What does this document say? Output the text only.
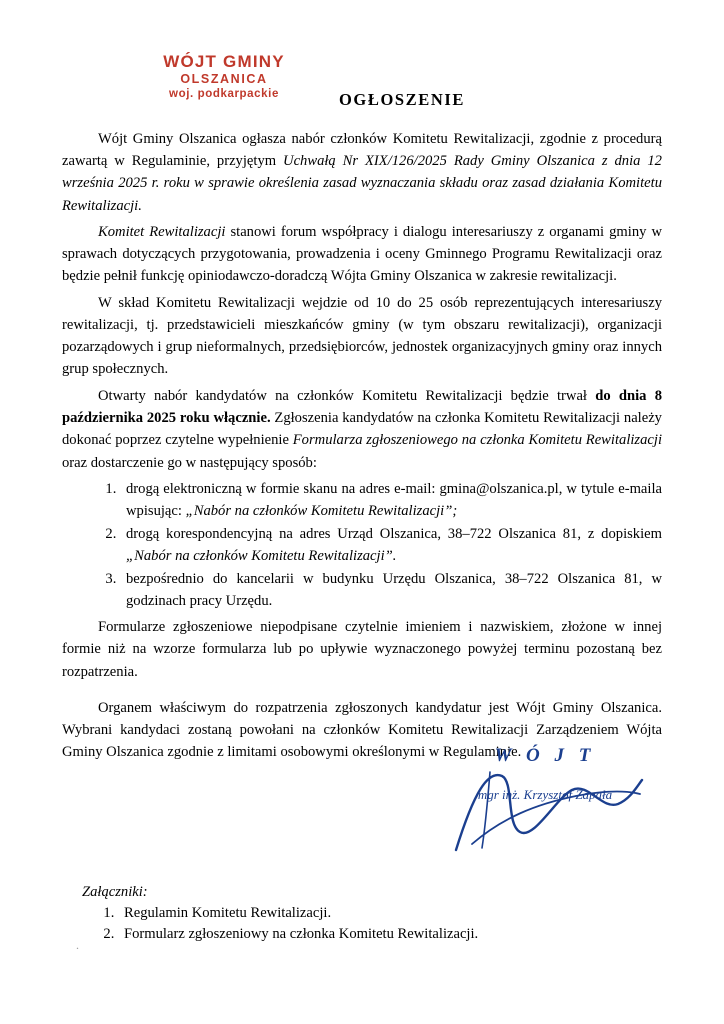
WÓJT GMINY
OLSZANICA
woj. podkarpackie	OGŁOSZENIE

Wójt Gminy Olszanica ogłasza nabór członków Komitetu Rewitalizacji, zgodnie z procedurą zawartą w Regulaminie, przyjętym Uchwałą Nr XIX/126/2025 Rady Gminy Olszanica z dnia 12 września 2025 r. roku w sprawie określenia zasad wyznaczania składu oraz zasad działania Komitetu Rewitalizacji.

Komitet Rewitalizacji stanowi forum współpracy i dialogu interesariuszy z organami gminy w sprawach dotyczących przygotowania, prowadzenia i oceny Gminnego Programu Rewitalizacji oraz będzie pełnił funkcję opiniodawczo-doradczą Wójta Gminy Olszanica w zakresie rewitalizacji.

W skład Komitetu Rewitalizacji wejdzie od 10 do 25 osób reprezentujących interesariuszy rewitalizacji, tj. przedstawicieli mieszkańców gminy (w tym obszaru rewitalizacji), organizacji pozarządowych i grup nieformalnych, przedsiębiorców, jednostek organizacyjnych gminy oraz innych grup społecznych.

Otwarty nabór kandydatów na członków Komitetu Rewitalizacji będzie trwał do dnia 8 października 2025 roku włącznie. Zgłoszenia kandydatów na członka Komitetu Rewitalizacji należy dokonać poprzez czytelne wypełnienie Formularza zgłoszeniowego na członka Komitetu Rewitalizacji oraz dostarczenie go w następujący sposób:

1. drogą elektroniczną w formie skanu na adres e-mail: gmina@olszanica.pl, w tytule e-maila wpisując: „Nabór na członków Komitetu Rewitalizacji”;
2. drogą korespondencyjną na adres Urząd Olszanica, 38–722 Olszanica 81, z dopiskiem „Nabór na członków Komitetu Rewitalizacji”.
3. bezpośrednio do kancelarii w budynku Urzędu Olszanica, 38–722 Olszanica 81, w godzinach pracy Urzędu.

Formularze zgłoszeniowe niepodpisane czytelnie imieniem i nazwiskiem, złożone w innej formie niż na wzorze formularza lub po upływie wyznaczonego powyżej terminu pozostaną bez rozpatrzenia.

Organem właściwym do rozpatrzenia zgłoszonych kandydatur jest Wójt Gminy Olszanica. Wybrani kandydaci zostaną powołani na członków Komitetu Rewitalizacji Zarządzeniem Wójta Gminy Olszanica zgodnie z limitami osobowymi określonymi w Regulaminie.

W Ó J T
mgr inż. Krzysztof Zapała
Załączniki:
1. Regulamin Komitetu Rewitalizacji.
2. Formularz zgłoszeniowy na członka Komitetu Rewitalizacji.
.
